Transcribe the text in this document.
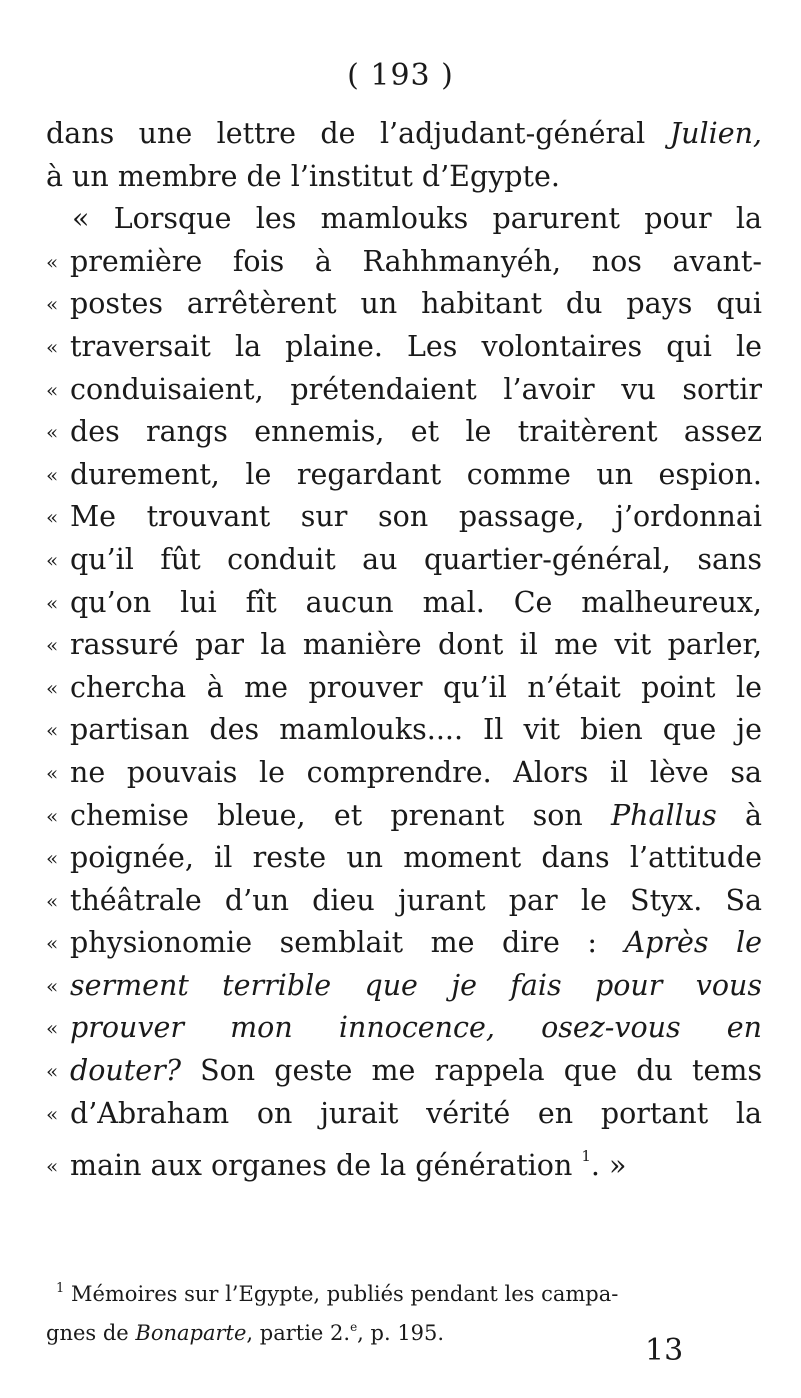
( 193 )
dans une lettre de l’adjudant-général Julien,
à un membre de l’institut d’Egypte.
« Lorsque les mamlouks parurent pour la
« première fois à Rahhmanyéh, nos avant-
« postes arrêtèrent un habitant du pays qui
« traversait la plaine. Les volontaires qui le
« conduisaient, prétendaient l’avoir vu sortir
« des rangs ennemis, et le traitèrent assez
« durement, le regardant comme un espion.
« Me trouvant sur son passage, j’ordonnai
« qu’il fût conduit au quartier-général, sans
« qu’on lui fît aucun mal. Ce malheureux,
« rassuré par la manière dont il me vit parler,
« chercha à me prouver qu’il n’était point le
« partisan des mamlouks.... Il vit bien que je
« ne pouvais le comprendre. Alors il lève sa
« chemise bleue, et prenant son Phallus à
« poignée, il reste un moment dans l’attitude
« théâtrale d’un dieu jurant par le Styx. Sa
« physionomie semblait me dire : Après le
« serment terrible que je fais pour vous
« prouver mon innocence, osez-vous en
« douter? Son geste me rappela que du tems
« d’Abraham on jurait vérité en portant la
« main aux organes de la génération $^1$. »
$^1$ Mémoires sur l’Egypte, publiés pendant les campa-
gnes de Bonaparte, partie 2.$^e$, p. 195.	13
